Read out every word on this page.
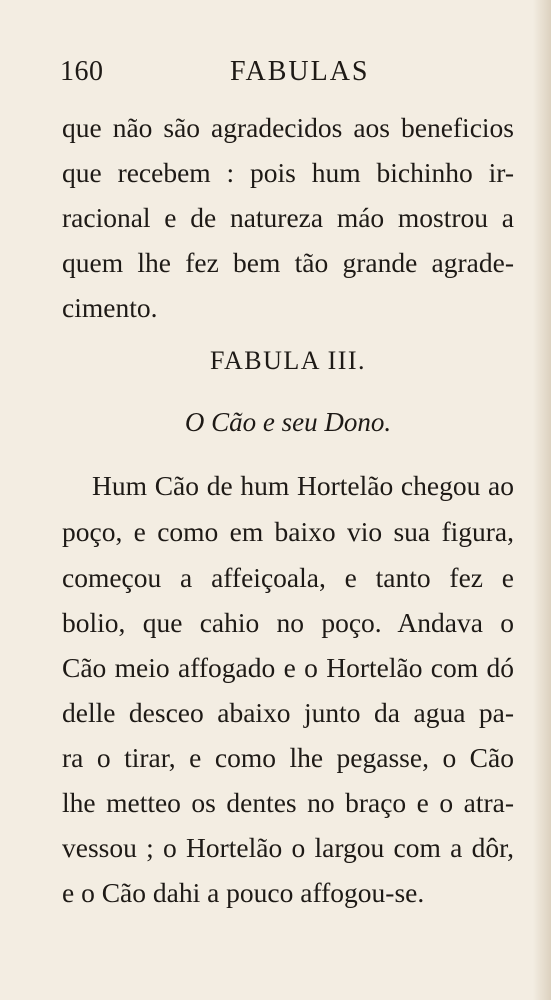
160	FABULAS
que não são agradecidos aos beneficios
que recebem : pois hum bichinho ir-
racional e de natureza máo mostrou a
quem lhe fez bem tão grande agrade-
cimento.
FABULA III.
O Cão e seu Dono.
Hum Cão de hum Hortelão chegou ao
poço, e como em baixo vio sua figura,
começou a affeiçoala, e tanto fez e
bolio, que cahio no poço. Andava o
Cão meio affogado e o Hortelão com dó
delle desceo abaixo junto da agua pa-
ra o tirar, e como lhe pegasse, o Cão
lhe metteo os dentes no braço e o atra-
vessou ; o Hortelão o largou com a dôr,
e o Cão dahi a pouco affogou-se.
